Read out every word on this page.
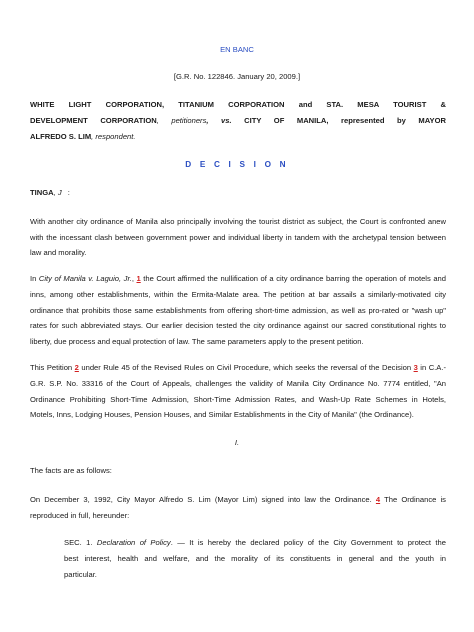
EN BANC
[G.R. No. 122846. January 20, 2009.]
WHITE LIGHT CORPORATION, TITANIUM CORPORATION and STA. MESA TOURIST &
DEVELOPMENT CORPORATION, petitioners, vs. CITY OF MANILA, represented by MAYOR
ALFREDO S. LIM, respondent.
D E C I S I O N
TINGA, J :
With another city ordinance of Manila also principally involving the tourist district as subject, the Court is confronted anew
with the incessant clash between government power and individual liberty in tandem with the archetypal tension between
law and morality.
In City of Manila v. Laguio, Jr., 1 the Court affirmed the nullification of a city ordinance barring the operation of motels and
inns, among other establishments, within the Ermita-Malate area. The petition at bar assails a similarly-motivated city
ordinance that prohibits those same establishments from offering short-time admission, as well as pro-rated or "wash up"
rates for such abbreviated stays. Our earlier decision tested the city ordinance against our sacred constitutional rights to
liberty, due process and equal protection of law. The same parameters apply to the present petition.
This Petition 2 under Rule 45 of the Revised Rules on Civil Procedure, which seeks the reversal of the Decision 3 in C.A.-
G.R. S.P. No. 33316 of the Court of Appeals, challenges the validity of Manila City Ordinance No. 7774 entitled, "An
Ordinance Prohibiting Short-Time Admission, Short-Time Admission Rates, and Wash-Up Rate Schemes in Hotels,
Motels, Inns, Lodging Houses, Pension Houses, and Similar Establishments in the City of Manila" (the Ordinance).
I.
The facts are as follows:
On December 3, 1992, City Mayor Alfredo S. Lim (Mayor Lim) signed into law the Ordinance. 4 The Ordinance is
reproduced in full, hereunder:
SEC. 1. Declaration of Policy. — It is hereby the declared policy of the City Government to protect the
best interest, health and welfare, and the morality of its constituents in general and the youth in
particular.
